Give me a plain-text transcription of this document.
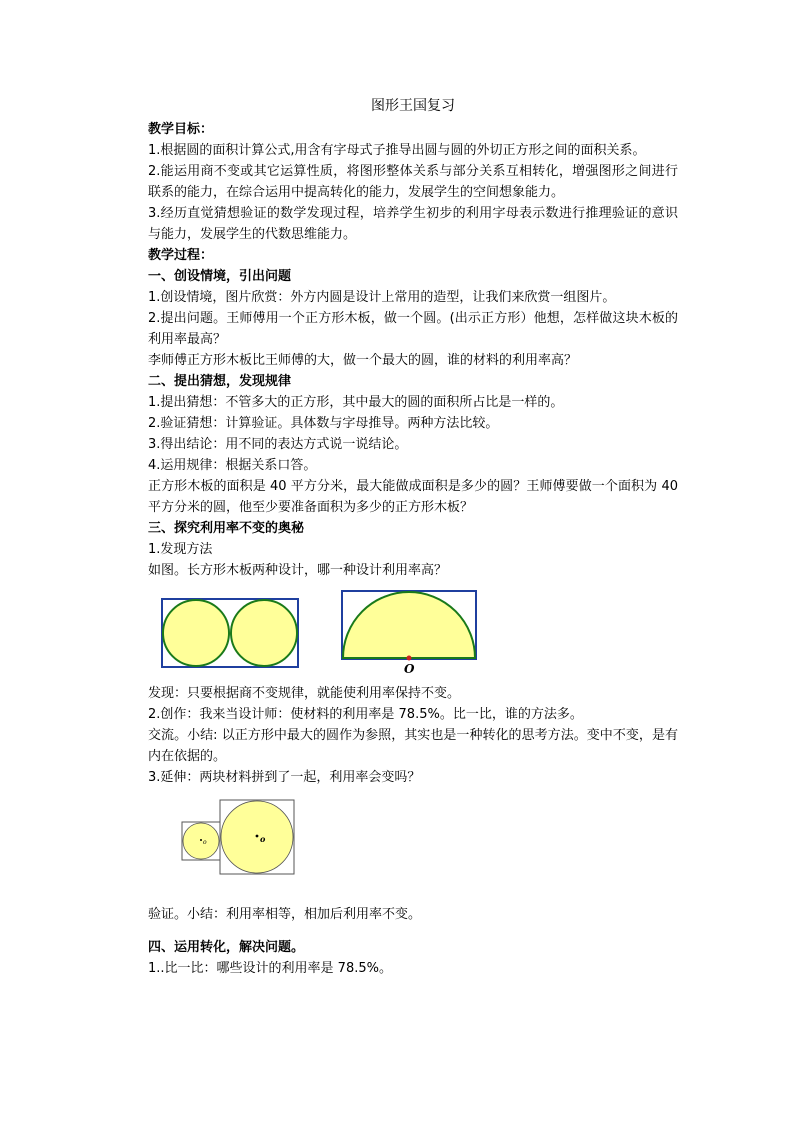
图形王国复习

教学目标：

1.根据圆的面积计算公式,用含有字母式子推导出圆与圆的外切正方形之间的面积关系。

2.能运用商不变或其它运算性质，将图形整体关系与部分关系互相转化，增强图形之间进行联系的能力，在综合运用中提高转化的能力，发展学生的空间想象能力。

3.经历直觉猜想验证的数学发现过程，培养学生初步的利用字母表示数进行推理验证的意识与能力，发展学生的代数思维能力。

教学过程：

一、创设情境，引出问题

1.创设情境，图片欣赏：外方内圆是设计上常用的造型，让我们来欣赏一组图片。

2.提出问题。王师傅用一个正方形木板，做一个圆。(出示正方形）他想，怎样做这块木板的利用率最高？

李师傅正方形木板比王师傅的大，做一个最大的圆，谁的材料的利用率高？

二、提出猜想，发现规律

1.提出猜想：不管多大的正方形，其中最大的圆的面积所占比是一样的。

2.验证猜想：计算验证。具体数与字母推导。两种方法比较。

3.得出结论：用不同的表达方式说一说结论。

4.运用规律：根据关系口答。

正方形木板的面积是 40 平方分米，最大能做成面积是多少的圆？王师傅要做一个面积为 40 平方分米的圆，他至少要准备面积为多少的正方形木板？

三、探究利用率不变的奥秘

1.发现方法

如图。长方形木板两种设计，哪一种设计利用率高？

O

发现：只要根据商不变规律，就能使利用率保持不变。

2.创作：我来当设计师：使材料的利用率是 78.5%。比一比，谁的方法多。

交流。小结: 以正方形中最大的圆作为参照，其实也是一种转化的思考方法。变中不变，是有内在依据的。

3.延伸：两块材料拼到了一起，利用率会变吗？

o	o

验证。小结：利用率相等，相加后利用率不变。

四、运用转化，解决问题。

1..比一比：哪些设计的利用率是 78.5%。
